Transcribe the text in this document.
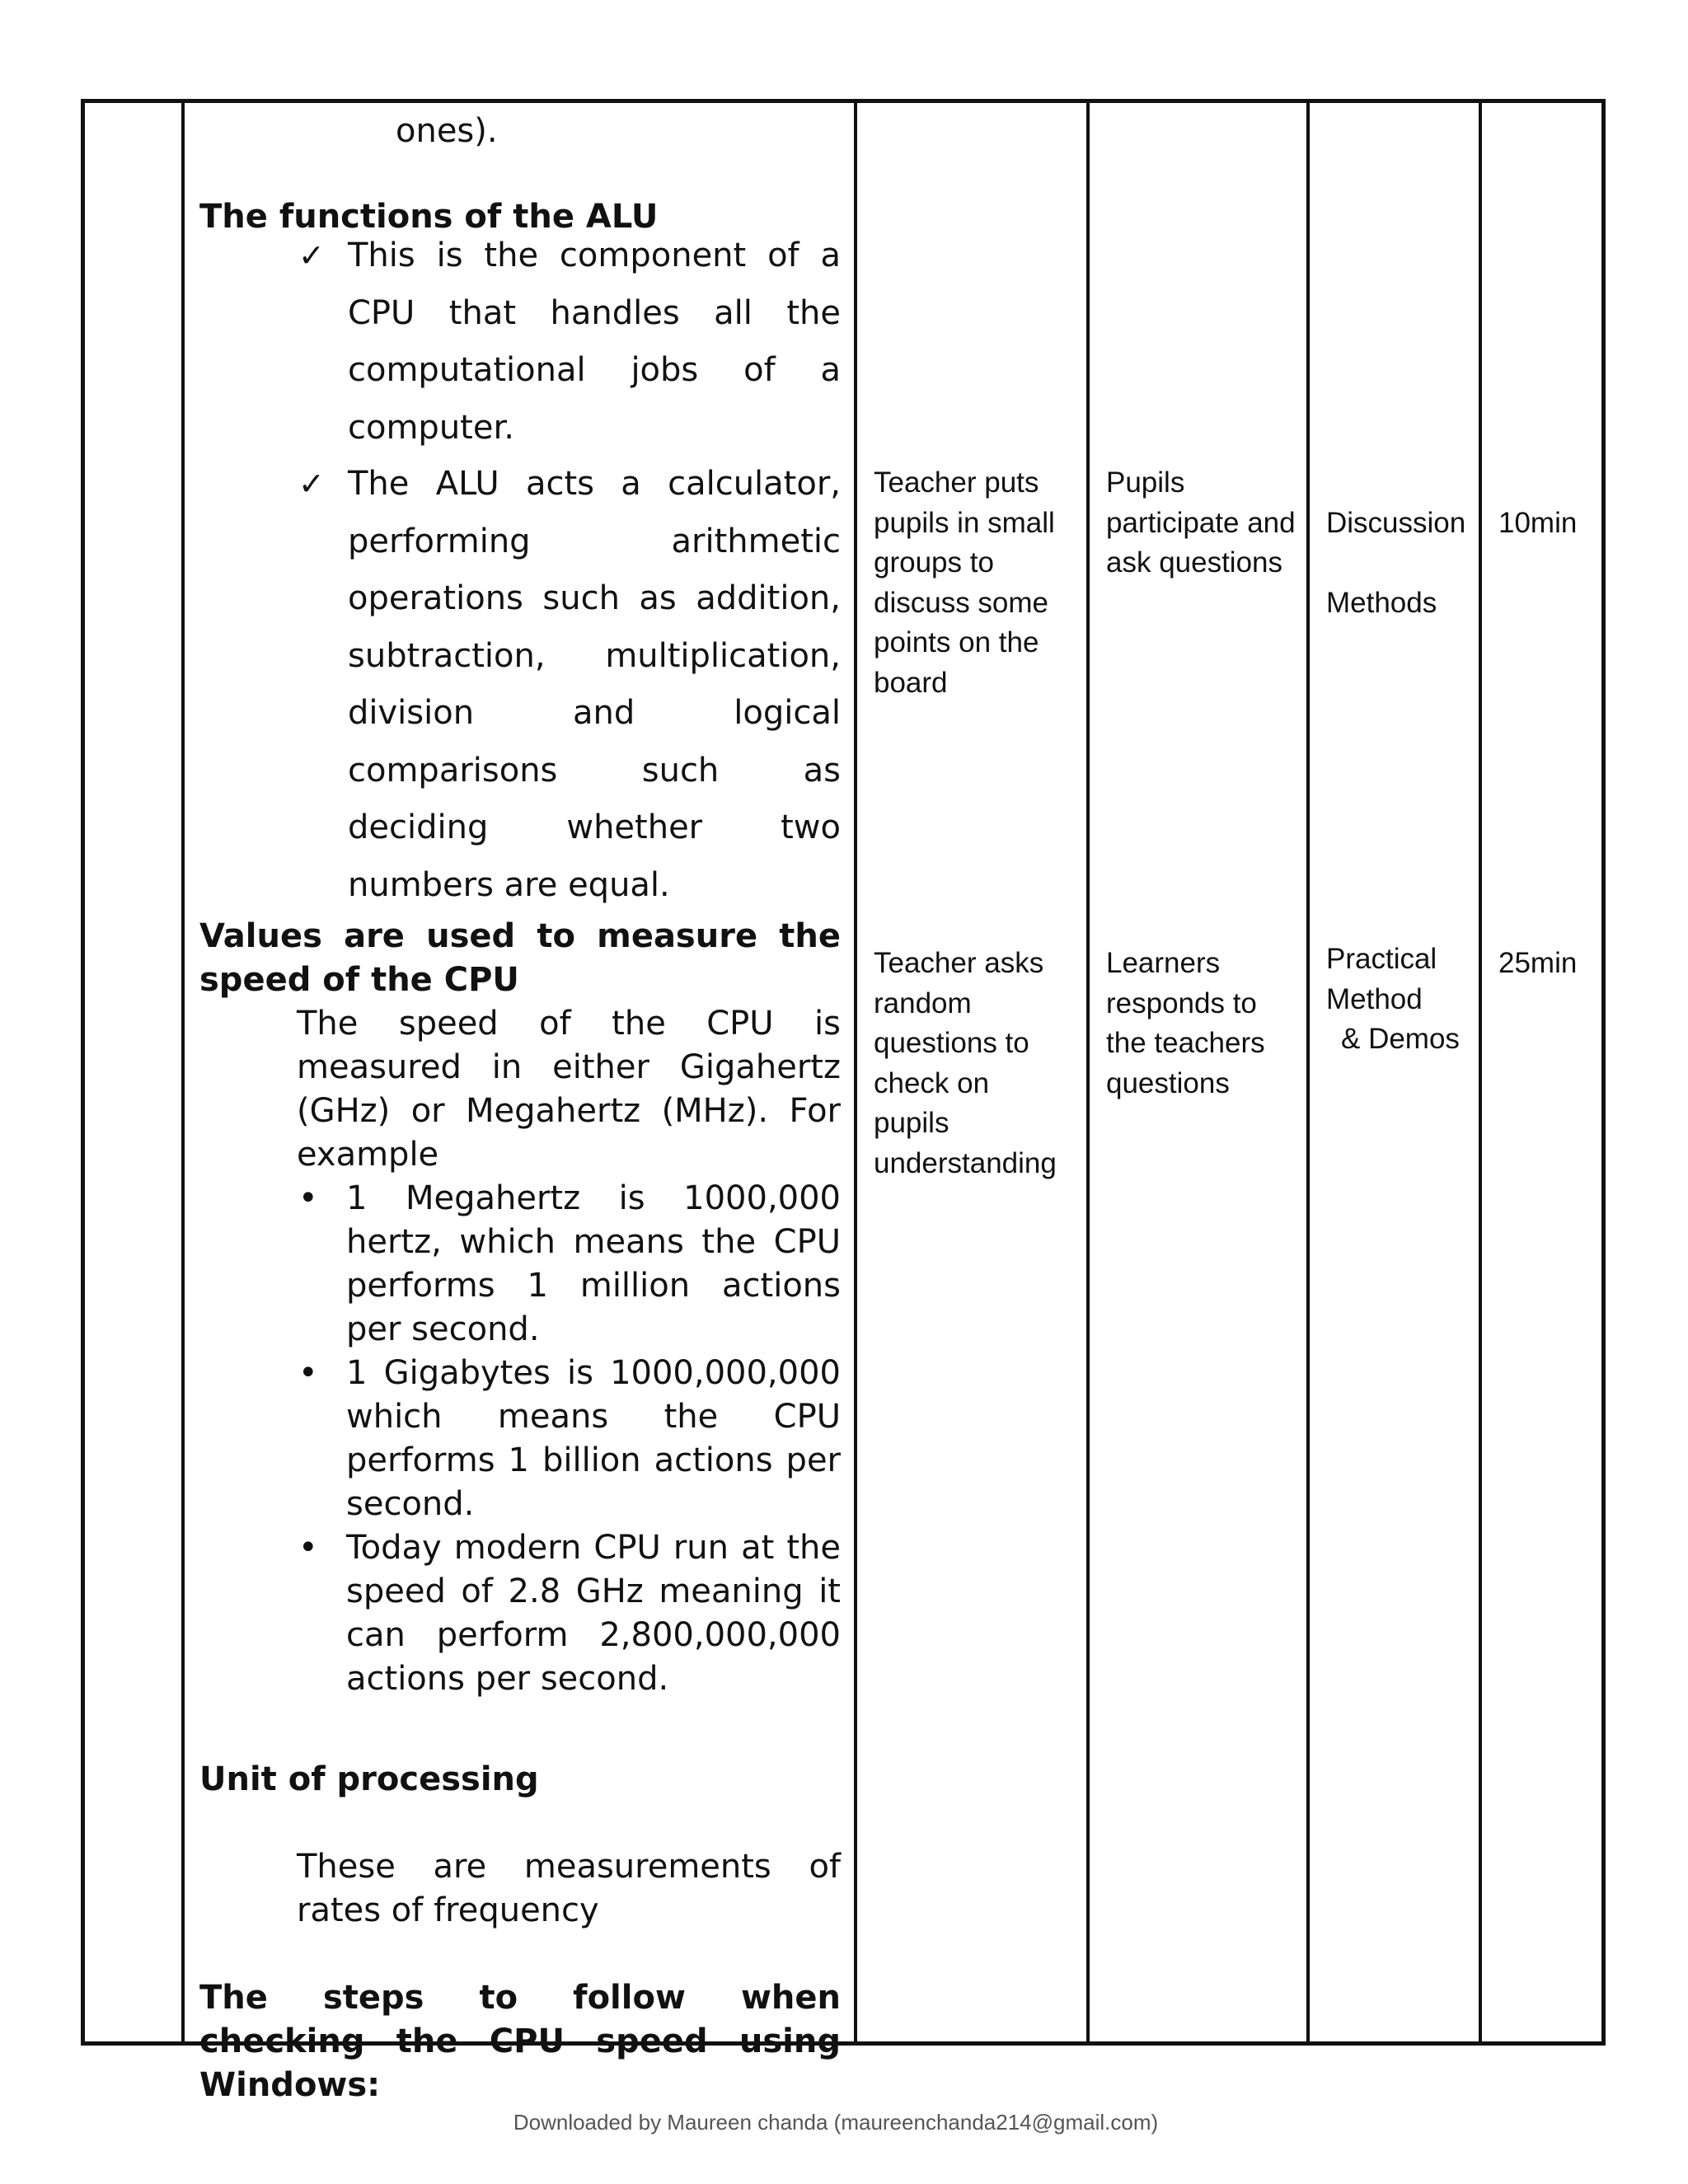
ones).

The functions of the ALU

✓ This is the component of a CPU that handles all the computational jobs of a computer.
✓ The ALU acts a calculator, performing arithmetic operations such as addition, subtraction, multiplication, division and logical comparisons such as deciding whether two numbers are equal.

Values are used to measure the speed of the CPU

The speed of the CPU is measured in either Gigahertz (GHz) or Megahertz (MHz). For example

• 1 Megahertz is 1000,000 hertz, which means the CPU performs 1 million actions per second.
• 1 Gigabytes is 1000,000,000 which means the CPU performs 1 billion actions per second.
• Today modern CPU run at the speed of 2.8 GHz meaning it can perform 2,800,000,000 actions per second.

Unit of processing

These are measurements of rates of frequency

The steps to follow when checking the CPU speed using Windows:

Teacher puts pupils in small groups to discuss some points on the board
Pupils participate and ask questions
Discussion
Methods
10min
Teacher asks random questions to check on pupils understanding
Learners responds to the teachers questions
Practical Method
& Demos
25min
Downloaded by Maureen chanda (maureenchanda214@gmail.com)
